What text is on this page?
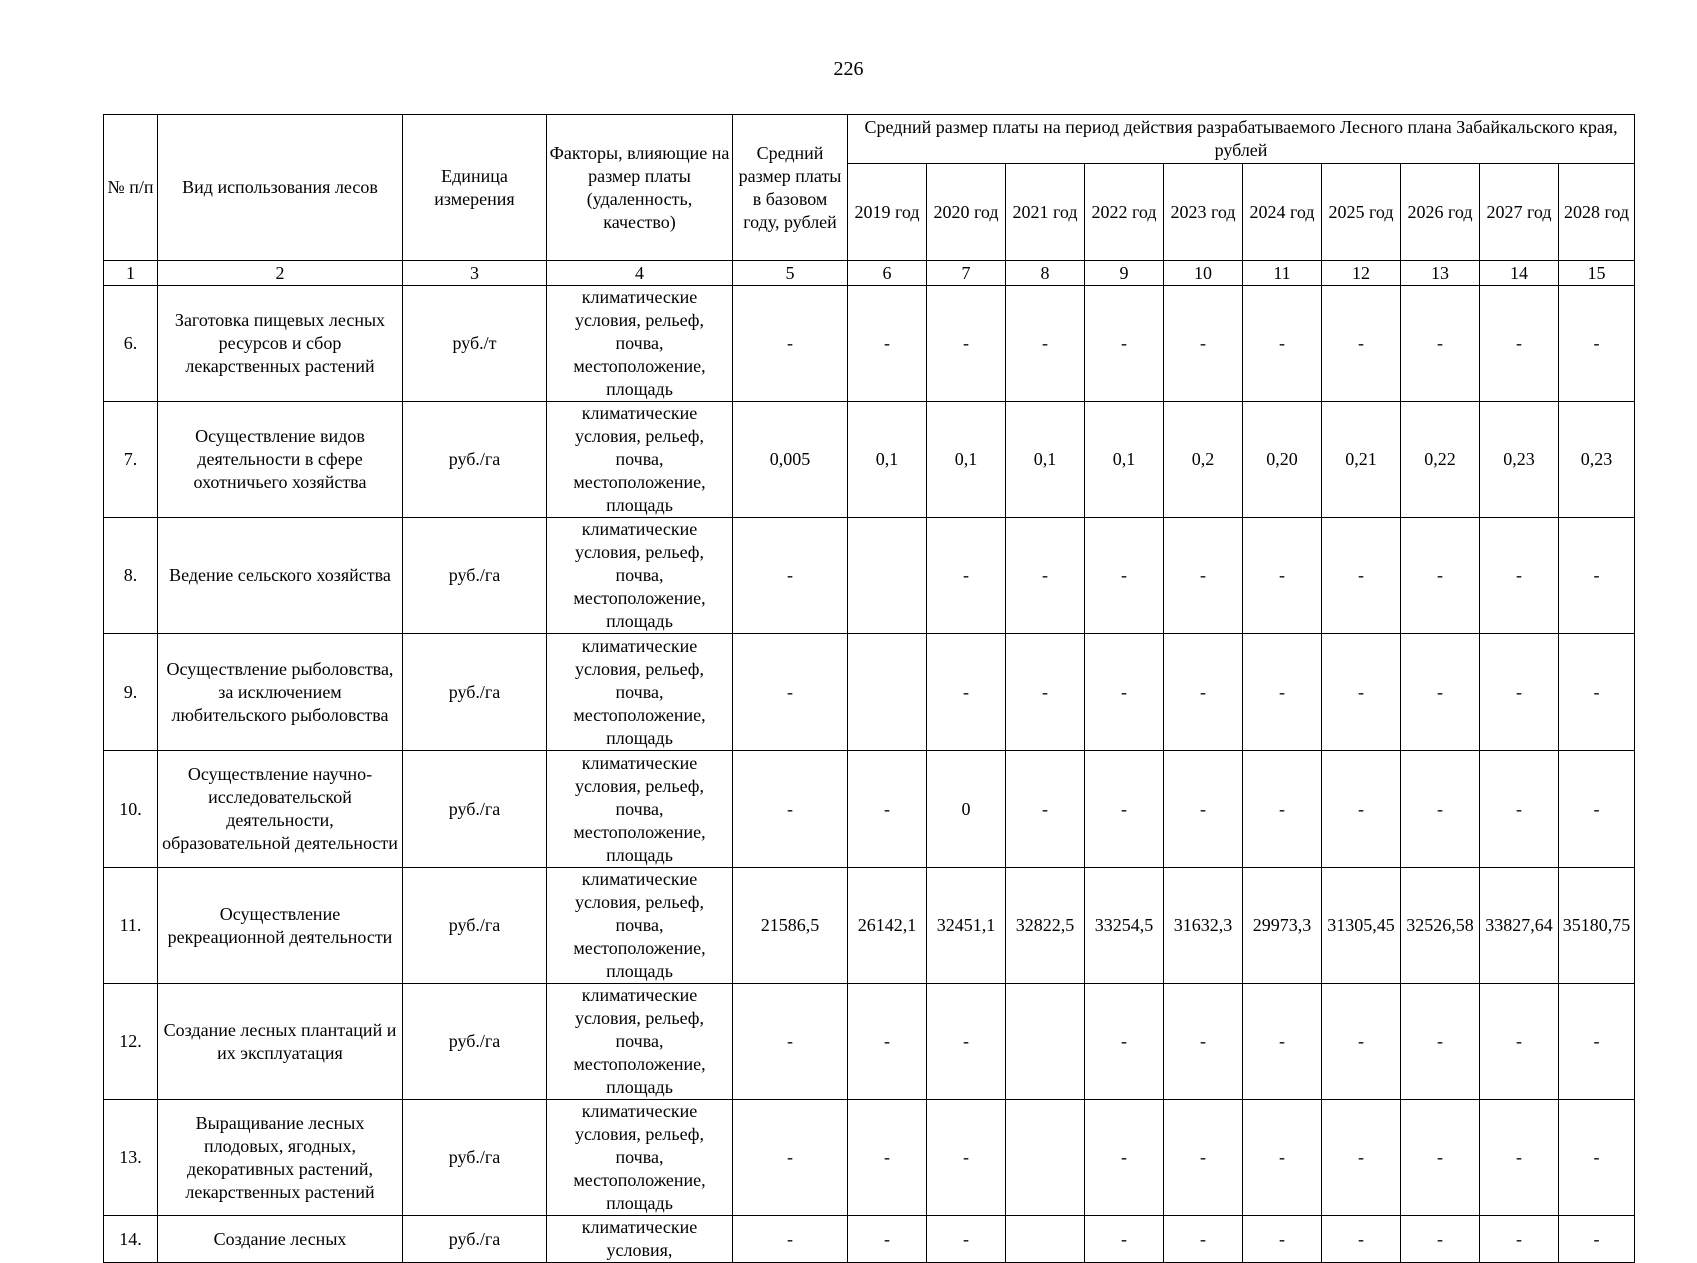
226
№ п/п	Вид использования лесов	Единица измерения	Факторы, влияющие на размер платы (удаленность, качество)	Средний размер платы в базовом году, рублей	Средний размер платы на период действия разрабатываемого Лесного плана Забайкальского края, рублей									
					2019 год	2020 год	2021 год	2022 год	2023 год	2024 год	2025 год	2026 год	2027 год	2028 год
1	2	3	4	5	6	7	8	9	10	11	12	13	14	15
6.	Заготовка пищевых лесных ресурсов и сбор лекарственных растений	руб./т	климатические условия, рельеф, почва, местоположение, площадь	-	-	-	-	-	-	-	-	-	-	-
7.	Осуществление видов деятельности в сфере охотничьего хозяйства	руб./га	климатические условия, рельеф, почва, местоположение, площадь	0,005	0,1	0,1	0,1	0,1	0,2	0,20	0,21	0,22	0,23	0,23
8.	Ведение сельского хозяйства	руб./га	климатические условия, рельеф, почва, местоположение, площадь	-		-	-	-	-	-	-	-	-	-
9.	Осуществление рыболовства, за исключением любительского рыболовства	руб./га	климатические условия, рельеф, почва, местоположение, площадь	-		-	-	-	-	-	-	-	-	-
10.	Осуществление научно-исследовательской деятельности, образовательной деятельности	руб./га	климатические условия, рельеф, почва, местоположение, площадь	-	-	0	-	-	-	-	-	-	-	-
11.	Осуществление рекреационной деятельности	руб./га	климатические условия, рельеф, почва, местоположение, площадь	21586,5	26142,1	32451,1	32822,5	33254,5	31632,3	29973,3	31305,45	32526,58	33827,64	35180,75
12.	Создание лесных плантаций и их эксплуатация	руб./га	климатические условия, рельеф, почва, местоположение, площадь	-	-	-		-	-	-	-	-	-	-
13.	Выращивание лесных плодовых, ягодных, декоративных растений, лекарственных растений	руб./га	климатические условия, рельеф, почва, местоположение, площадь	-	-	-		-	-	-	-	-	-	-
14.	Создание лесных	руб./га	климатические условия,	-	-	-		-	-	-	-	-	-	-
